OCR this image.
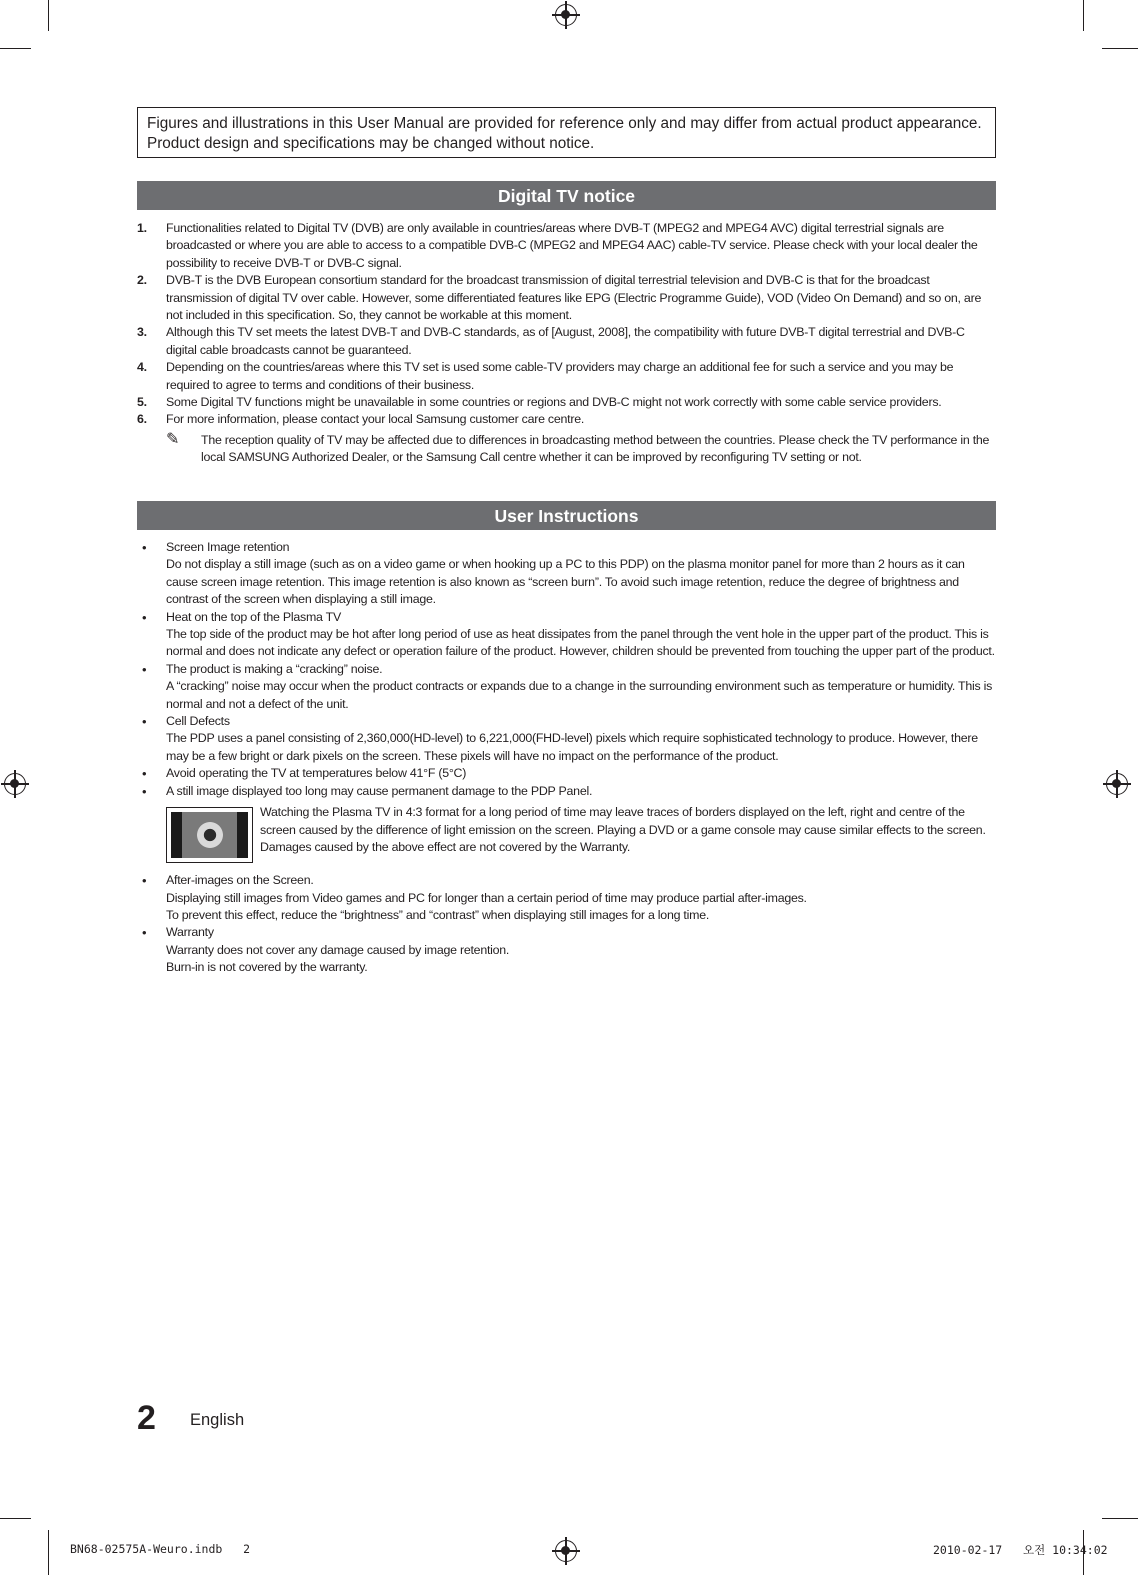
Figures and illustrations in this User Manual are provided for reference only and may differ from actual product appearance.
Product design and specifications may be changed without notice.
Digital TV notice
1. Functionalities related to Digital TV (DVB) are only available in countries/areas where DVB-T (MPEG2 and MPEG4 AVC) digital terrestrial signals are broadcasted or where you are able to access to a compatible DVB-C (MPEG2 and MPEG4 AAC) cable-TV service. Please check with your local dealer the possibility to receive DVB-T or DVB-C signal.
2. DVB-T is the DVB European consortium standard for the broadcast transmission of digital terrestrial television and DVB-C is that for the broadcast transmission of digital TV over cable. However, some differentiated features like EPG (Electric Programme Guide), VOD (Video On Demand) and so on, are not included in this specification. So, they cannot be workable at this moment.
3. Although this TV set meets the latest DVB-T and DVB-C standards, as of [August, 2008], the compatibility with future DVB-T digital terrestrial and DVB-C digital cable broadcasts cannot be guaranteed.
4. Depending on the countries/areas where this TV set is used some cable-TV providers may charge an additional fee for such a service and you may be required to agree to terms and conditions of their business.
5. Some Digital TV functions might be unavailable in some countries or regions and DVB-C might not work correctly with some cable service providers.
6. For more information, please contact your local Samsung customer care centre.
✎ The reception quality of TV may be affected due to differences in broadcasting method between the countries. Please check the TV performance in the local SAMSUNG Authorized Dealer, or the Samsung Call centre whether it can be improved by reconfiguring TV setting or not.
User Instructions
• Screen Image retention
Do not display a still image (such as on a video game or when hooking up a PC to this PDP) on the plasma monitor panel for more than 2 hours as it can cause screen image retention. This image retention is also known as “screen burn”. To avoid such image retention, reduce the degree of brightness and contrast of the screen when displaying a still image.
• Heat on the top of the Plasma TV
The top side of the product may be hot after long period of use as heat dissipates from the panel through the vent hole in the upper part of the product. This is normal and does not indicate any defect or operation failure of the product. However, children should be prevented from touching the upper part of the product.
• The product is making a “cracking” noise.
A “cracking” noise may occur when the product contracts or expands due to a change in the surrounding environment such as temperature or humidity. This is normal and not a defect of the unit.
• Cell Defects
The PDP uses a panel consisting of 2,360,000(HD-level) to 6,221,000(FHD-level) pixels which require sophisticated technology to produce. However, there may be a few bright or dark pixels on the screen. These pixels will have no impact on the performance of the product.
• Avoid operating the TV at temperatures below 41°F (5°C)
• A still image displayed too long may cause permanent damage to the PDP Panel.
Watching the Plasma TV in 4:3 format for a long period of time may leave traces of borders displayed on the left, right and centre of the screen caused by the difference of light emission on the screen. Playing a DVD or a game console may cause similar effects to the screen.
Damages caused by the above effect are not covered by the Warranty.
• After-images on the Screen.
Displaying still images from Video games and PC for longer than a certain period of time may produce partial after-images.
To prevent this effect, reduce the “brightness” and “contrast” when displaying still images for a long time.
• Warranty
Warranty does not cover any damage caused by image retention.
Burn-in is not covered by the warranty.
2 English
BN68-02575A-Weuro.indb   2	2010-02-17   오전 10:34:02
